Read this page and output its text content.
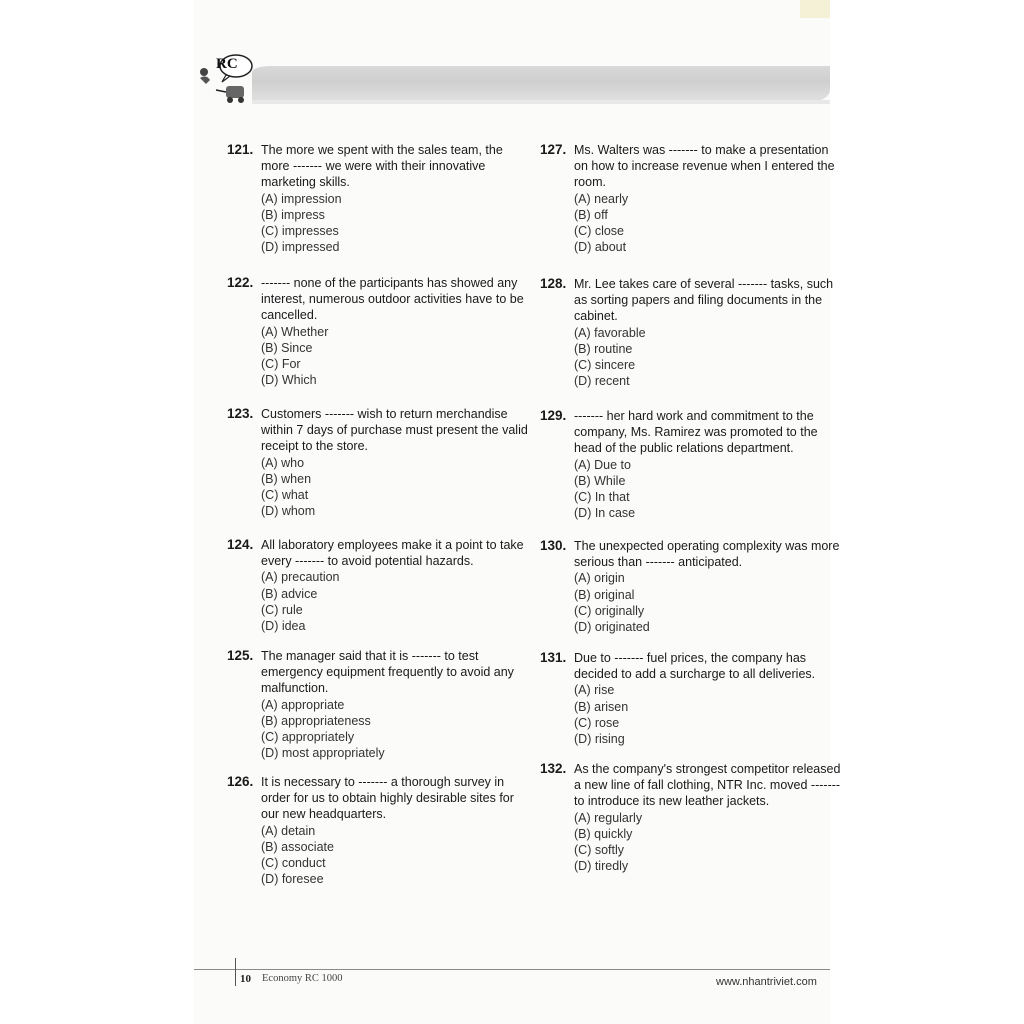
RC
121. The more we spent with the sales team, the more ------- we were with their innovative marketing skills.

(A) impression
(B) impress
(C) impresses
(D) impressed
122. ------- none of the participants has showed any interest, numerous outdoor activities have to be cancelled.

(A) Whether
(B) Since
(C) For
(D) Which
123. Customers ------- wish to return merchandise within 7 days of purchase must present the valid receipt to the store.

(A) who
(B) when
(C) what
(D) whom
124. All laboratory employees make it a point to take every ------- to avoid potential hazards.

(A) precaution
(B) advice
(C) rule
(D) idea
125. The manager said that it is ------- to test emergency equipment frequently to avoid any malfunction.

(A) appropriate
(B) appropriateness
(C) appropriately
(D) most appropriately
126. It is necessary to ------- a thorough survey in order for us to obtain highly desirable sites for our new headquarters.

(A) detain
(B) associate
(C) conduct
(D) foresee
127. Ms. Walters was ------- to make a presentation on how to increase revenue when I entered the room.

(A) nearly
(B) off
(C) close
(D) about
128. Mr. Lee takes care of several ------- tasks, such as sorting papers and filing documents in the cabinet.

(A) favorable
(B) routine
(C) sincere
(D) recent
129. ------- her hard work and commitment to the company, Ms. Ramirez was promoted to the head of the public relations department.

(A) Due to
(B) While
(C) In that
(D) In case
130. The unexpected operating complexity was more serious than ------- anticipated.

(A) origin
(B) original
(C) originally
(D) originated
131. Due to ------- fuel prices, the company has decided to add a surcharge to all deliveries.

(A) rise
(B) arisen
(C) rose
(D) rising
132. As the company's strongest competitor released a new line of fall clothing, NTR Inc. moved ------- to introduce its new leather jackets.

(A) regularly
(B) quickly
(C) softly
(D) tiredly
10 Economy RC 1000	www.nhantriviet.com
